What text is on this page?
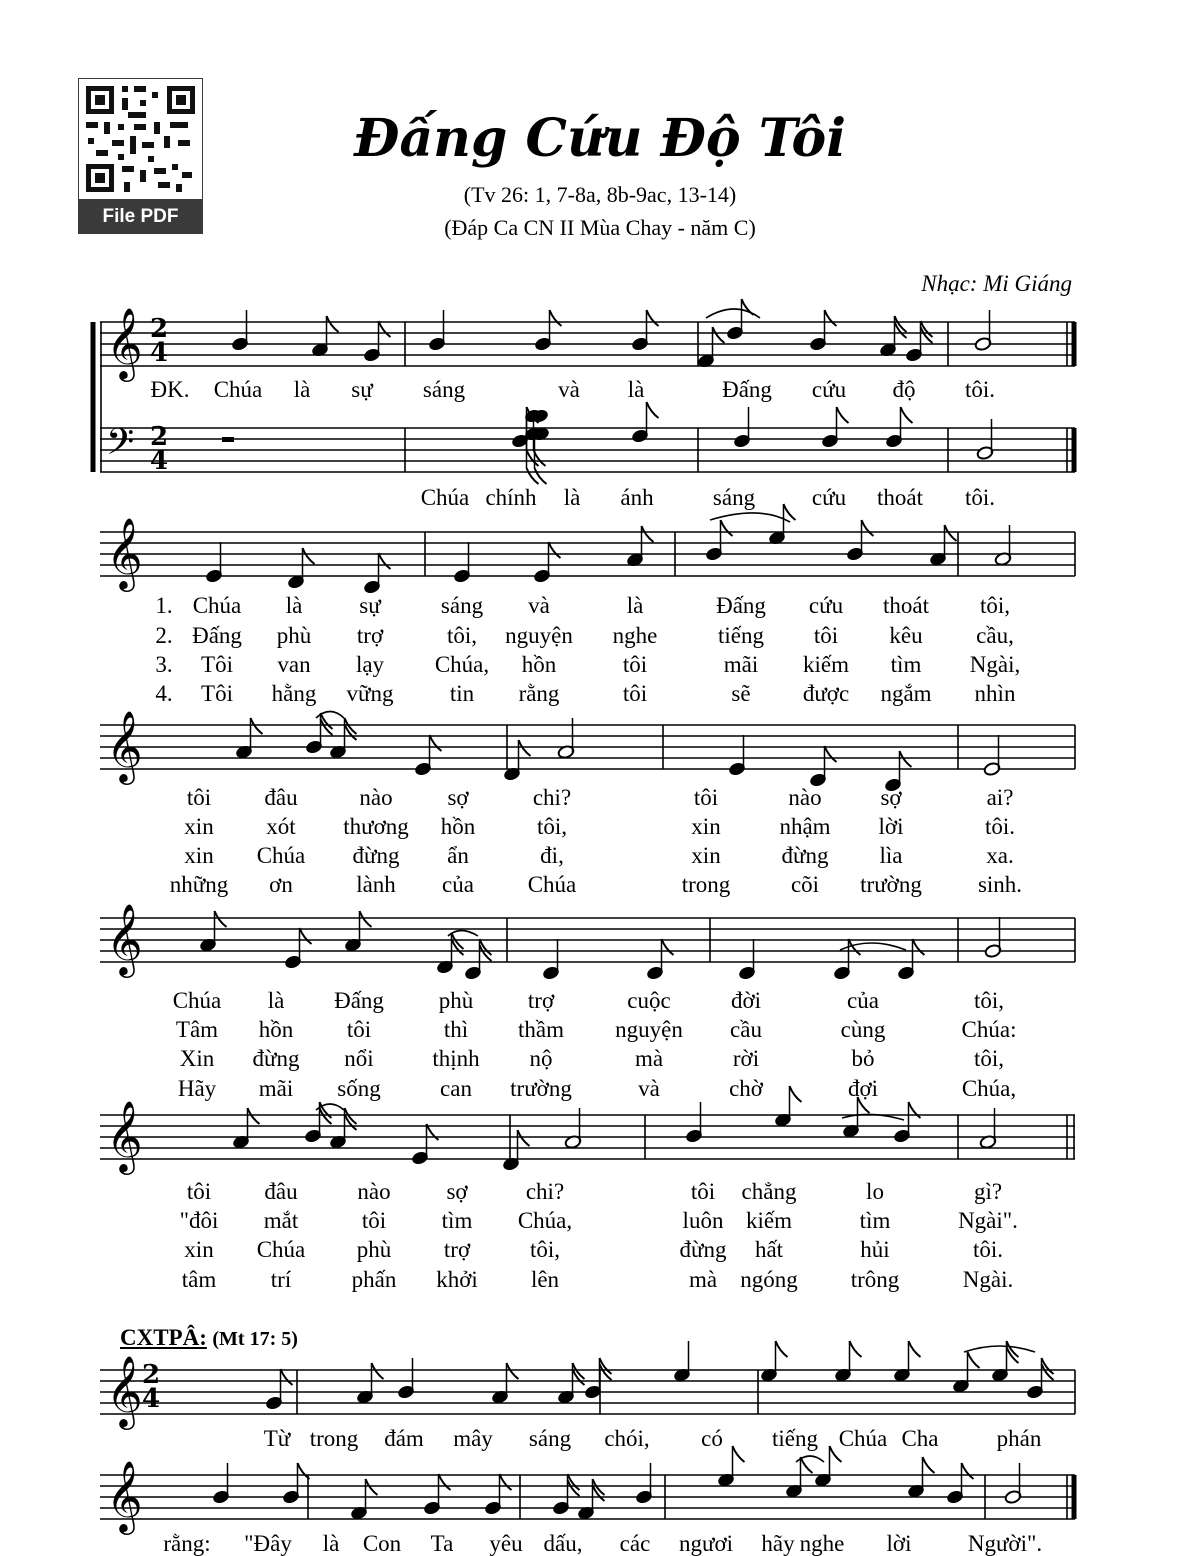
File PDF
Đấng Cứu Độ Tôi
(Tv 26: 1, 7-8a, 8b-9ac, 13-14)
(Đáp Ca CN II Mùa Chay - năm C)
Nhạc: Mi Giáng
CXTPÂ: (Mt 17: 5)
𝄞
𝄢
𝄞
𝄞
𝄞
𝄞
𝄞
𝄞
2
4
2
4
2
4
ĐK. Chúa là sự sáng	và là	Đấng cứu độ tôi.
Chúa chính là ánh	sáng cứu thoát tôi.
1.
2.
3.
4.
Chúa là sự	sáng và	là	Đấng cứu thoát tôi,
Đấng phù trợ	tôi, nguyện nghe	tiếng tôi kêu cầu,
Tôi van lạy Chúa, hồn	tôi	mãi kiếm tìm Ngài,
Tôi hằng vững tin rằng	tôi	sẽ được ngắm nhìn
tôi đâu	nào sợ	chi?	tôi	nào	sợ	ai?
xin xót thương hồn	tôi,	xin	nhậm lời	tôi.
xin Chúa đừng ẩn	đi,	xin	đừng lìa	xa.
những ơn	lành của Chúa	trong	cõi trường sinh.
Chúa là Đấng phù trợ	cuộc	đời	của	tôi,
Tâm hồn tôi	thì thầm nguyện cầu	cùng	Chúa:
Xin đừng nổi	thịnh nộ	mà	rời	bỏ	tôi,
Hãy mãi sống	can trường	và	chờ	đợi	Chúa,
tôi đâu	nào sợ	chi?	tôi chẳng	lo	gì?
"đôi mắt	tôi tìm Chúa,	luôn kiếm	tìm	Ngài".
xin Chúa phù trợ	tôi,	đừng hất	hủi	tôi.
tâm trí	phấn khởi lên	mà ngóng trông	Ngài.
Từ trong đám mây sáng chói, có tiếng Chúa Cha	phán
rằng: "Đây là Con Ta yêu dấu, các ngươi hãy nghe lời Người".
